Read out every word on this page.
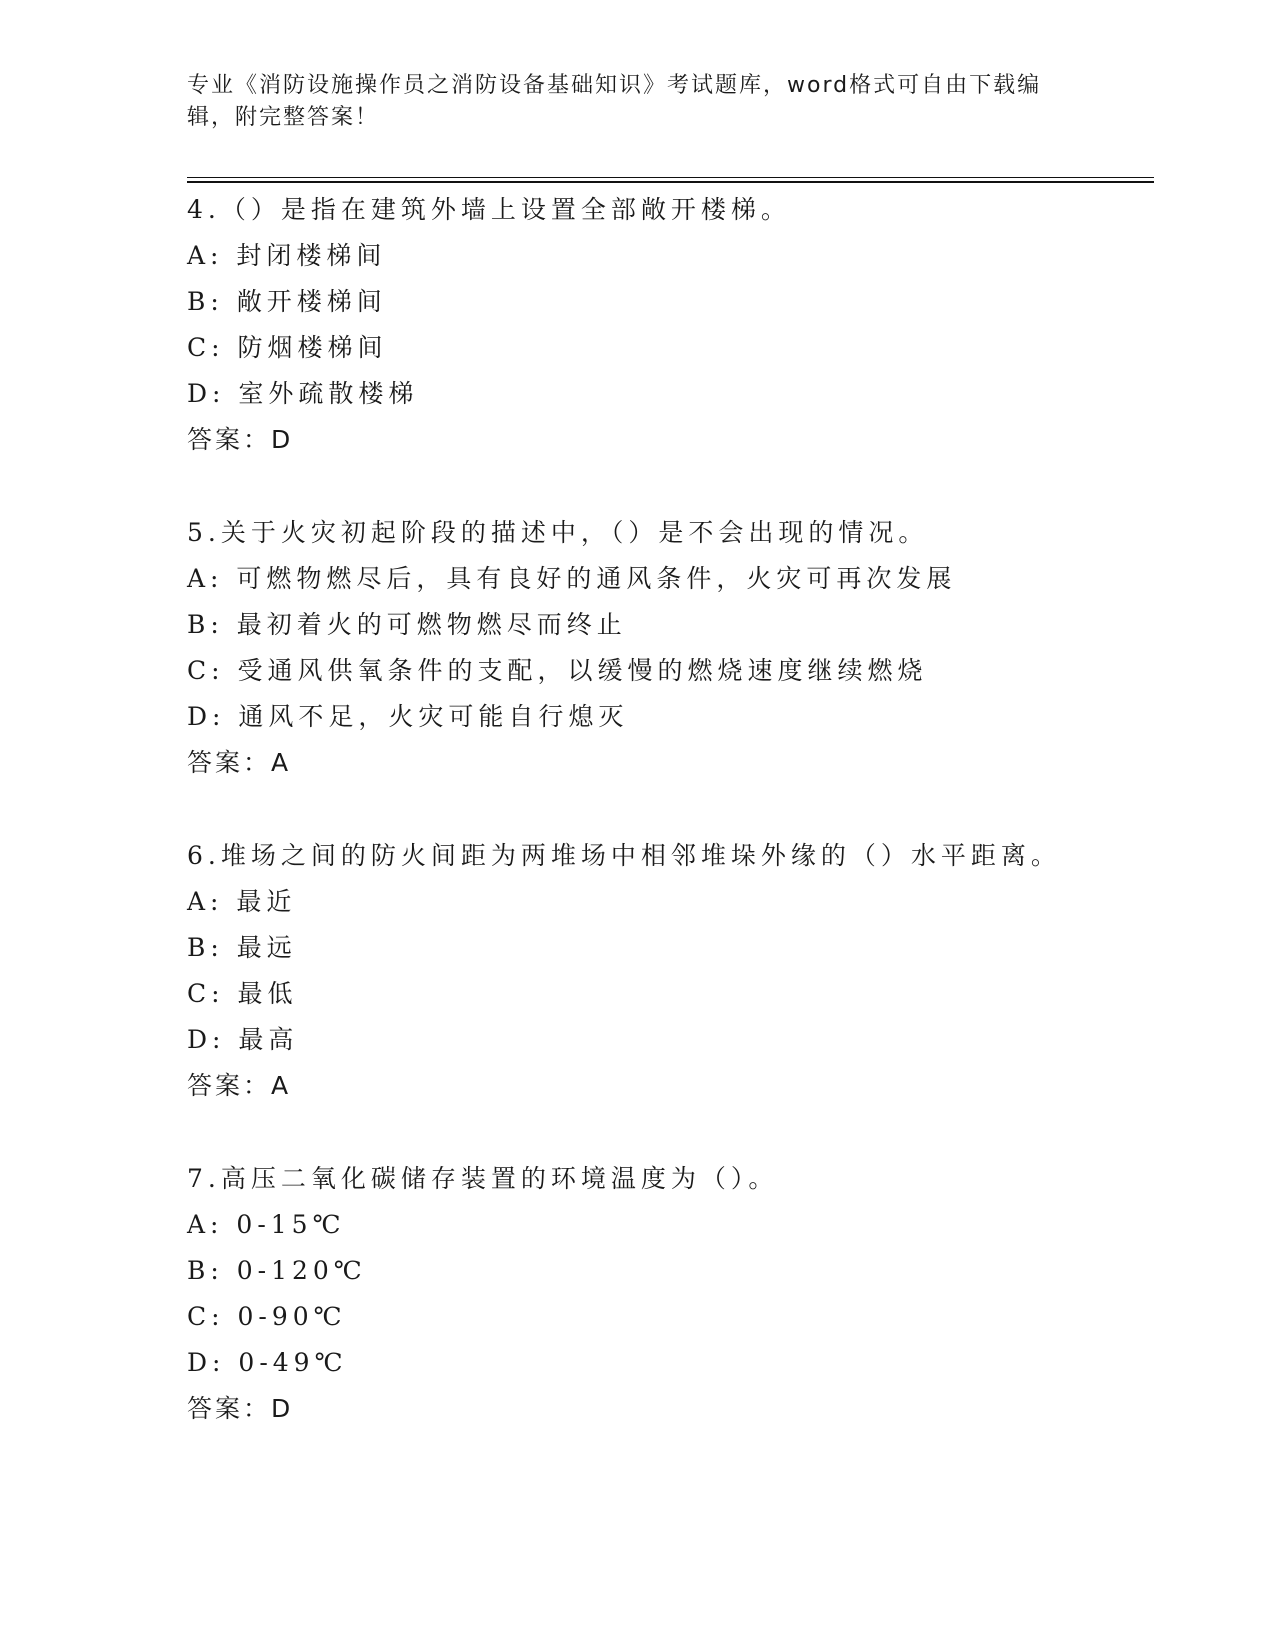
专业《消防设施操作员之消防设备基础知识》考试题库，word格式可自由下载编
辑，附完整答案！
4.（）是指在建筑外墙上设置全部敞开楼梯。
A: 封闭楼梯间
B: 敞开楼梯间
C: 防烟楼梯间
D: 室外疏散楼梯
答案：D
5.关于火灾初起阶段的描述中，（）是不会出现的情况。
A: 可燃物燃尽后，具有良好的通风条件，火灾可再次发展
B: 最初着火的可燃物燃尽而终止
C: 受通风供氧条件的支配，以缓慢的燃烧速度继续燃烧
D: 通风不足，火灾可能自行熄灭
答案：A
6.堆场之间的防火间距为两堆场中相邻堆垛外缘的（）水平距离。
A: 最近
B: 最远
C: 最低
D: 最高
答案：A
7.高压二氧化碳储存装置的环境温度为（）。
A: 0-15℃
B: 0-120℃
C: 0-90℃
D: 0-49℃
答案：D
